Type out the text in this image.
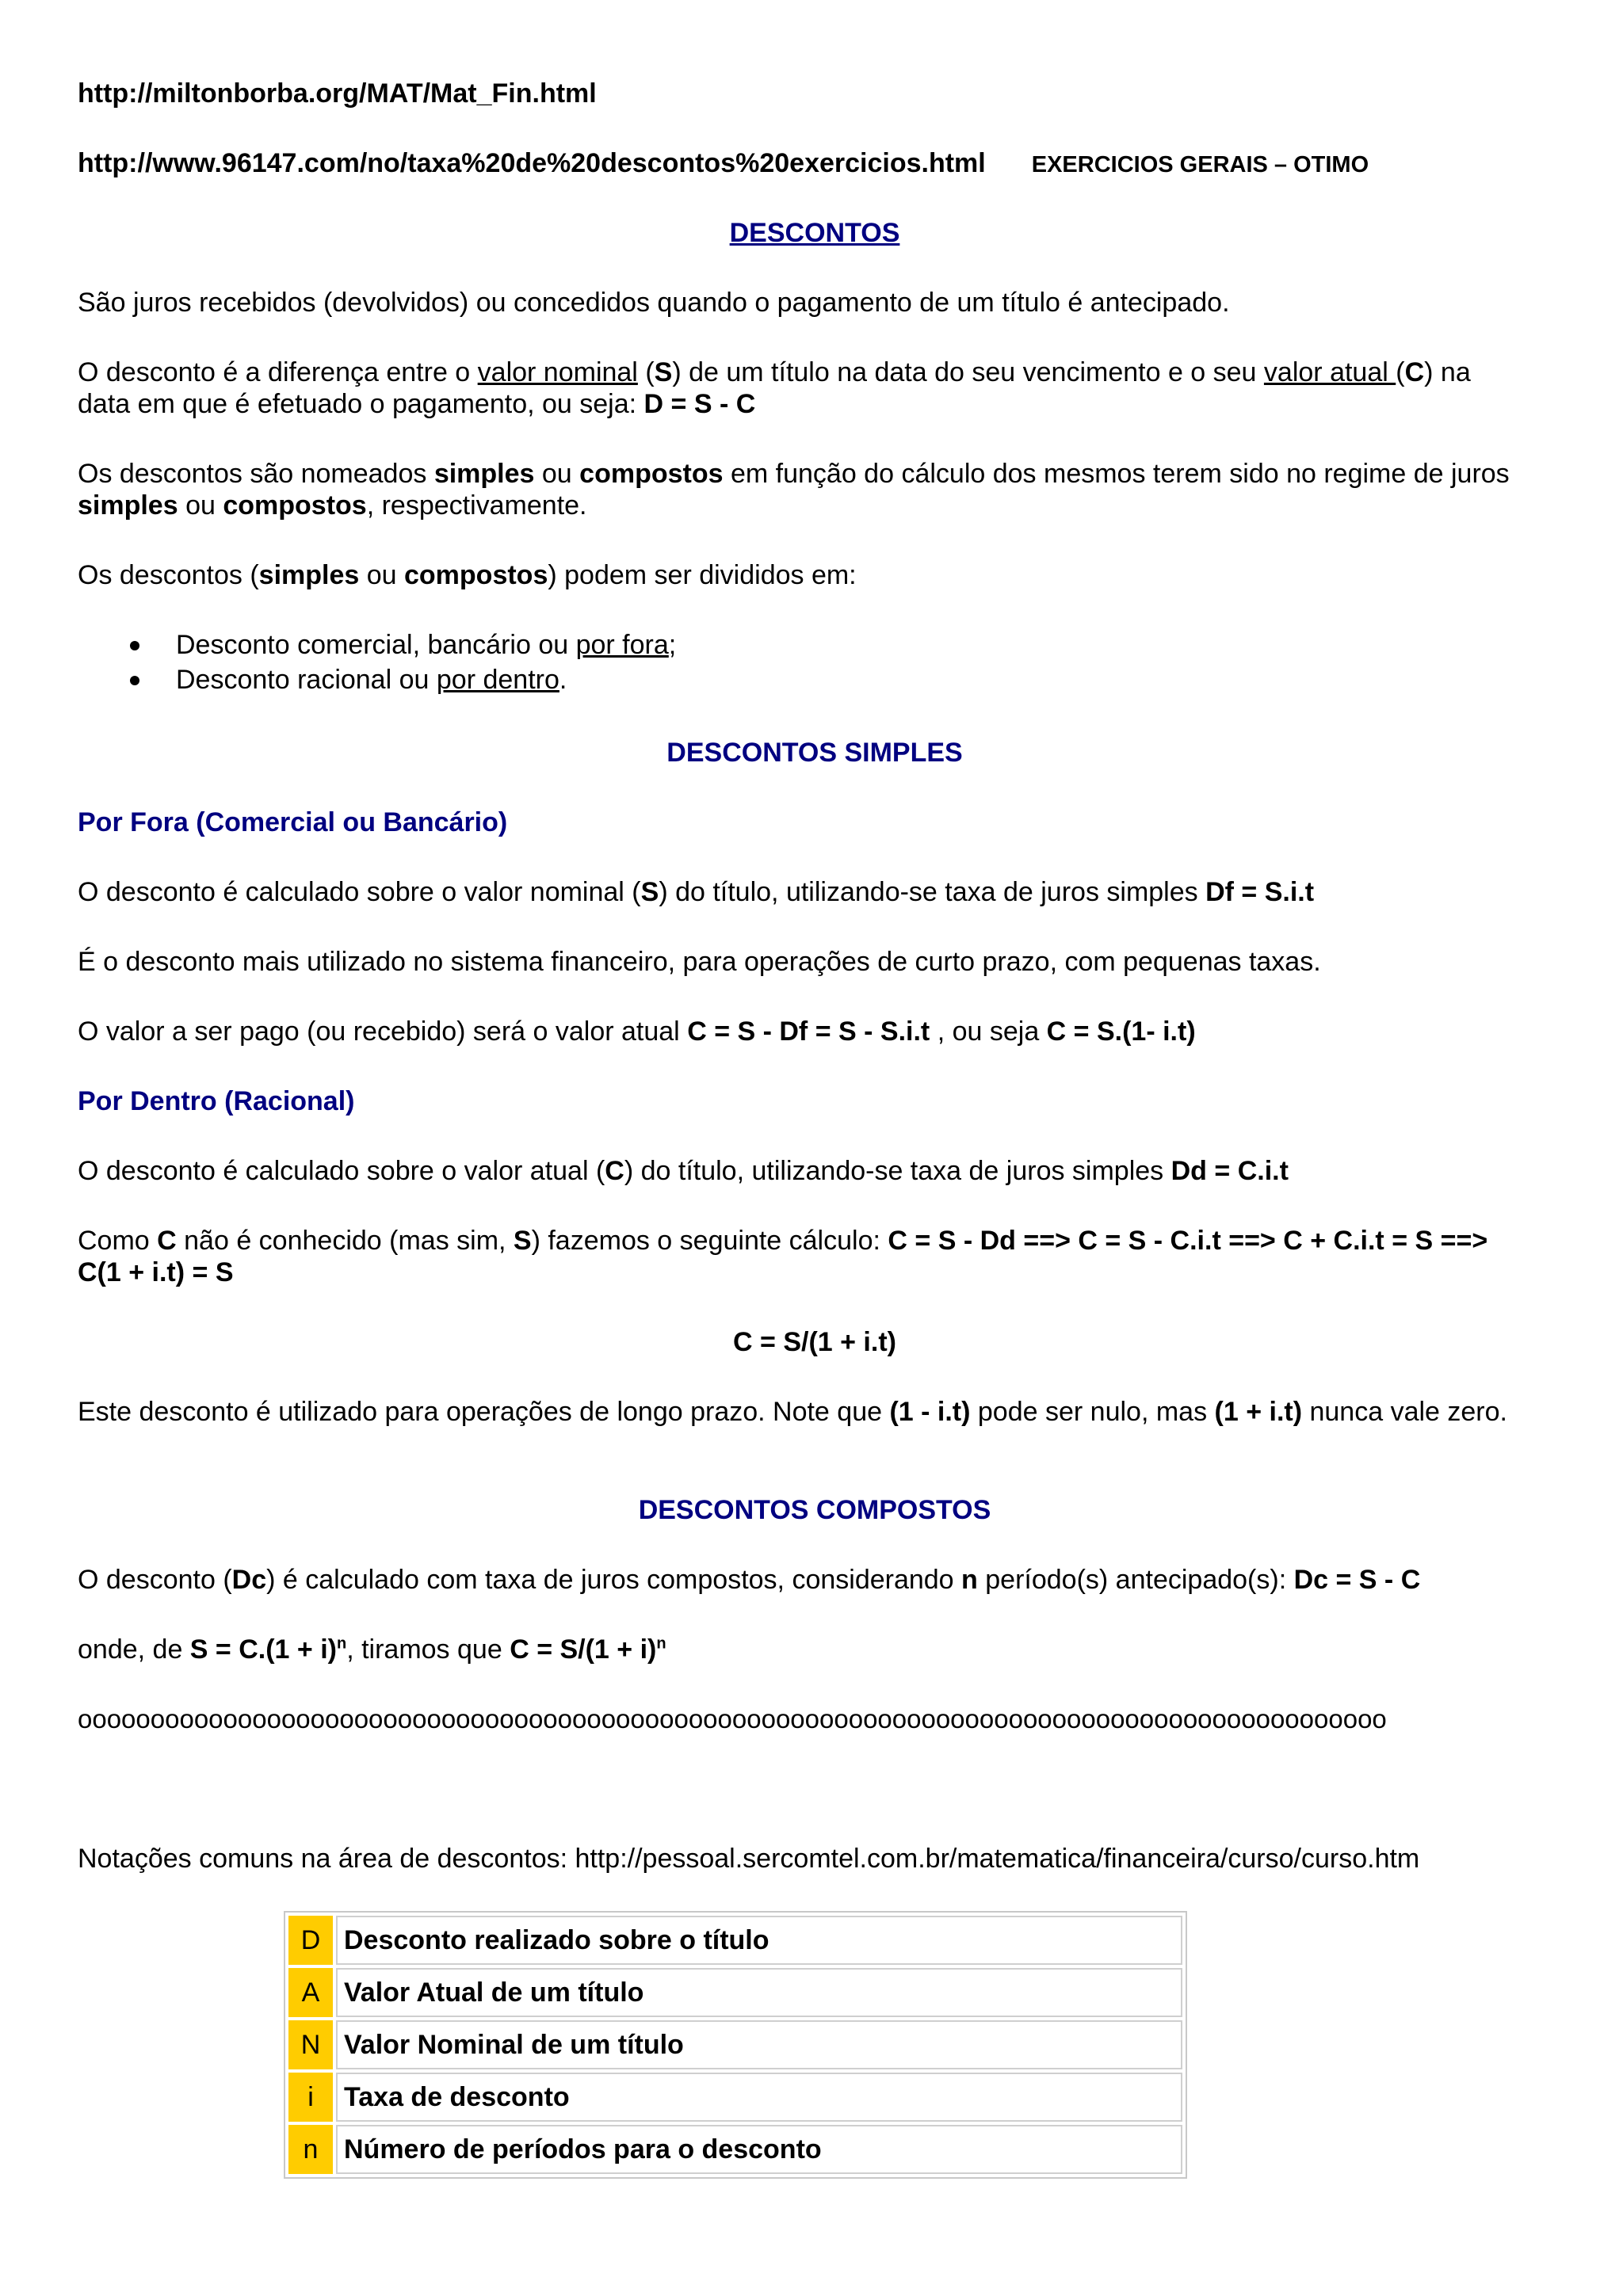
http://miltonborba.org/MAT/Mat_Fin.html

http://www.96147.com/no/taxa%20de%20descontos%20exercicios.html EXERCICIOS GERAIS – OTIMO

DESCONTOS

São juros recebidos (devolvidos) ou concedidos quando o pagamento de um título é antecipado.

O desconto é a diferença entre o valor nominal (S) de um título na data do seu vencimento e o seu valor atual (C) na

data em que é efetuado o pagamento, ou seja: D = S - C

Os descontos são nomeados simples ou compostos em função do cálculo dos mesmos terem sido no regime de juros

simples ou compostos, respectivamente.

Os descontos (simples ou compostos) podem ser divididos em:

Desconto comercial, bancário ou por fora;
Desconto racional ou por dentro.

DESCONTOS SIMPLES

Por Fora (Comercial ou Bancário)

O desconto é calculado sobre o valor nominal (S) do título, utilizando-se taxa de juros simples Df = S.i.t

É o desconto mais utilizado no sistema financeiro, para operações de curto prazo, com pequenas taxas.

O valor a ser pago (ou recebido) será o valor atual C = S - Df = S - S.i.t , ou seja C = S.(1- i.t)

Por Dentro (Racional)

O desconto é calculado sobre o valor atual (C) do título, utilizando-se taxa de juros simples Dd = C.i.t

Como C não é conhecido (mas sim, S) fazemos o seguinte cálculo: C = S - Dd ==> C = S - C.i.t ==> C + C.i.t = S ==>

C(1 + i.t) = S

C = S/(1 + i.t)

Este desconto é utilizado para operações de longo prazo. Note que (1 - i.t) pode ser nulo, mas (1 + i.t) nunca vale zero.

DESCONTOS COMPOSTOS

O desconto (Dc) é calculado com taxa de juros compostos, considerando n período(s) antecipado(s): Dc = S - C

onde, de $S = C.(1 + i)^n$, tiramos que $C = S/(1 + i)^n$

oooooooooooooooooooooooooooooooooooooooooooooooooooooooooooooooooooooooooooooooooooooooooo

Notações comuns na área de descontos: http://pessoal.sercomtel.com.br/matematica/financeira/curso/curso.htm

D	Desconto realizado sobre o título
A	Valor Atual de um título
N	Valor Nominal de um título
i	Taxa de desconto
n	Número de períodos para o desconto
